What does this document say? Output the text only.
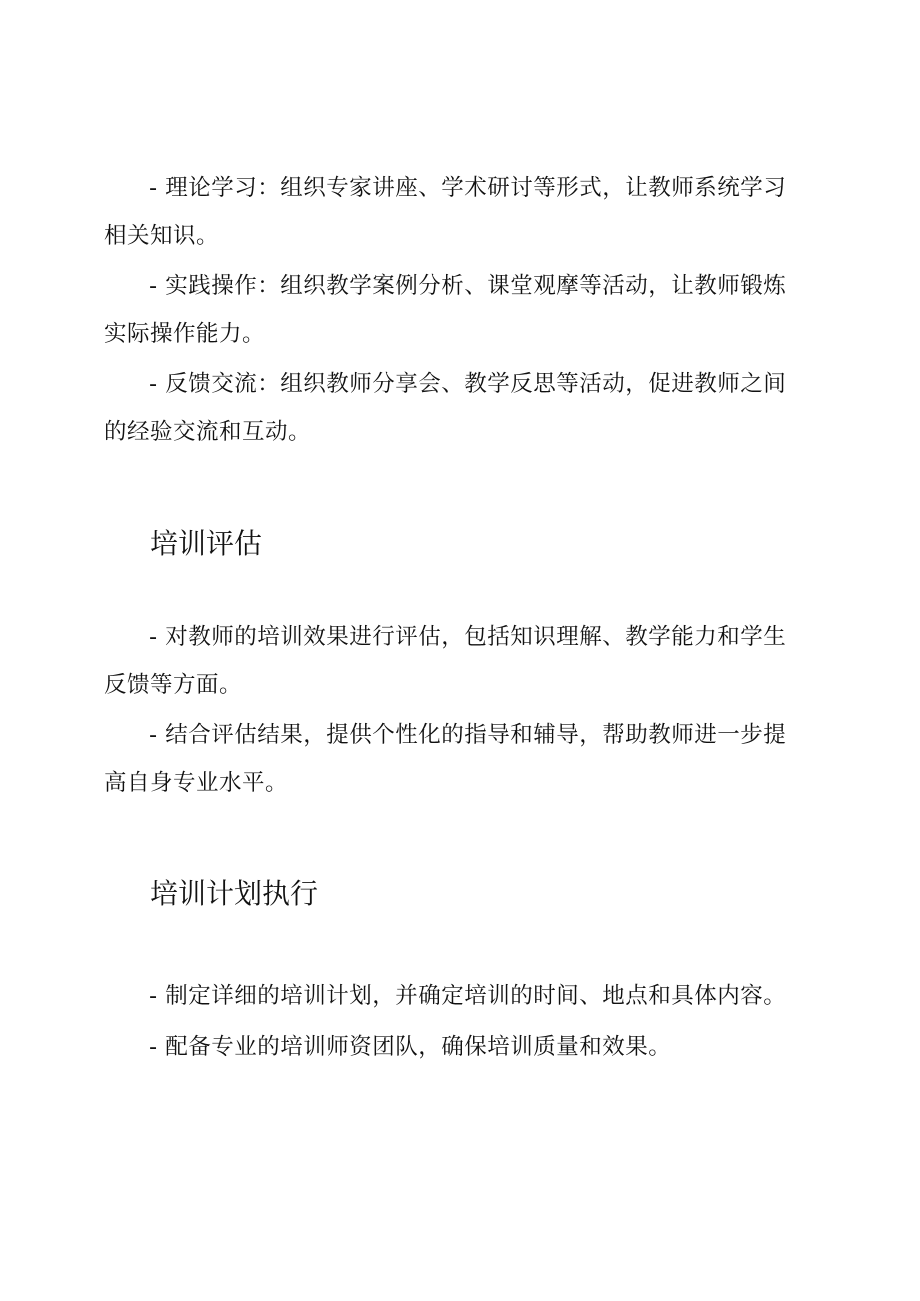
- 理论学习：组织专家讲座、学术研讨等形式，让教师系统学习相关知识。

- 实践操作：组织教学案例分析、课堂观摩等活动，让教师锻炼实际操作能力。

- 反馈交流：组织教师分享会、教学反思等活动，促进教师之间的经验交流和互动。

培训评估

- 对教师的培训效果进行评估，包括知识理解、教学能力和学生反馈等方面。

- 结合评估结果，提供个性化的指导和辅导，帮助教师进一步提高自身专业水平。

培训计划执行

- 制定详细的培训计划，并确定培训的时间、地点和具体内容。

- 配备专业的培训师资团队，确保培训质量和效果。
